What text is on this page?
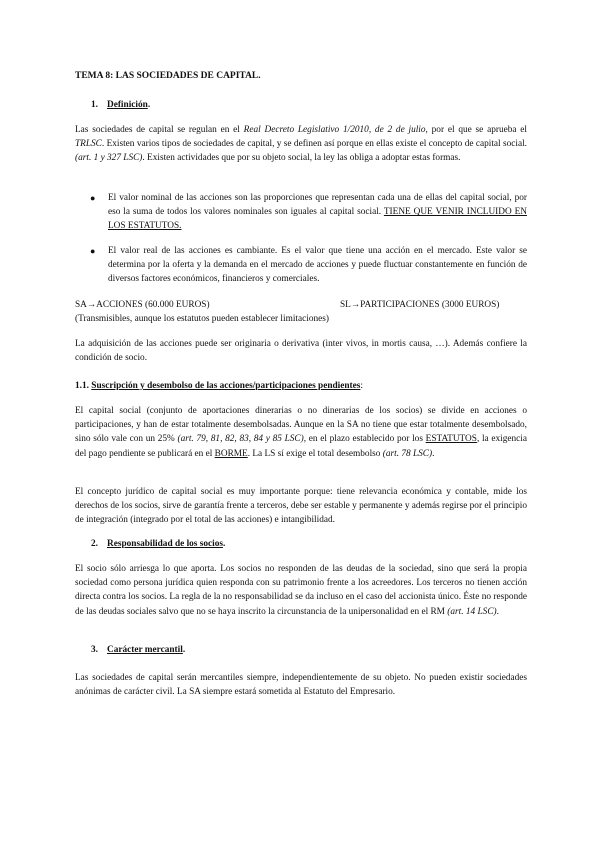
TEMA 8: LAS SOCIEDADES DE CAPITAL.
1. Definición.
Las sociedades de capital se regulan en el Real Decreto Legislativo 1/2010, de 2 de julio, por el que se aprueba el TRLSC. Existen varios tipos de sociedades de capital, y se definen así porque en ellas existe el concepto de capital social. (art. 1 y 327 LSC). Existen actividades que por su objeto social, la ley las obliga a adoptar estas formas.
● El valor nominal de las acciones son las proporciones que representan cada una de ellas del capital social, por eso la suma de todos los valores nominales son iguales al capital social. TIENE QUE VENIR INCLUIDO EN LOS ESTATUTOS.
● El valor real de las acciones es cambiante. Es el valor que tiene una acción en el mercado. Este valor se determina por la oferta y la demanda en el mercado de acciones y puede fluctuar constantemente en función de diversos factores económicos, financieros y comerciales.
SA→ACCIONES (60.000 EUROS)	SL→PARTICIPACIONES (3000 EUROS)
(Transmisibles, aunque los estatutos pueden establecer limitaciones)
La adquisición de las acciones puede ser originaria o derivativa (inter vivos, in mortis causa, …). Además confiere la condición de socio.
1.1. Suscripción y desembolso de las acciones/participaciones pendientes:
El capital social (conjunto de aportaciones dinerarias o no dinerarias de los socios) se divide en acciones o participaciones, y han de estar totalmente desembolsadas. Aunque en la SA no tiene que estar totalmente desembolsado, sino sólo vale con un 25% (art. 79, 81, 82, 83, 84 y 85 LSC), en el plazo establecido por los ESTATUTOS, la exigencia del pago pendiente se publicará en el BORME. La LS sí exige el total desembolso (art. 78 LSC).
El concepto jurídico de capital social es muy importante porque: tiene relevancia económica y contable, mide los derechos de los socios, sirve de garantía frente a terceros, debe ser estable y permanente y además regirse por el principio de integración (integrado por el total de las acciones) e intangibilidad.
2. Responsabilidad de los socios.
El socio sólo arriesga lo que aporta. Los socios no responden de las deudas de la sociedad, sino que será la propia sociedad como persona jurídica quien responda con su patrimonio frente a los acreedores. Los terceros no tienen acción directa contra los socios. La regla de la no responsabilidad se da incluso en el caso del accionista único. Éste no responde de las deudas sociales salvo que no se haya inscrito la circunstancia de la unipersonalidad en el RM (art. 14 LSC).
3. Carácter mercantil.
Las sociedades de capital serán mercantiles siempre, independientemente de su objeto. No pueden existir sociedades anónimas de carácter civil. La SA siempre estará sometida al Estatuto del Empresario.
